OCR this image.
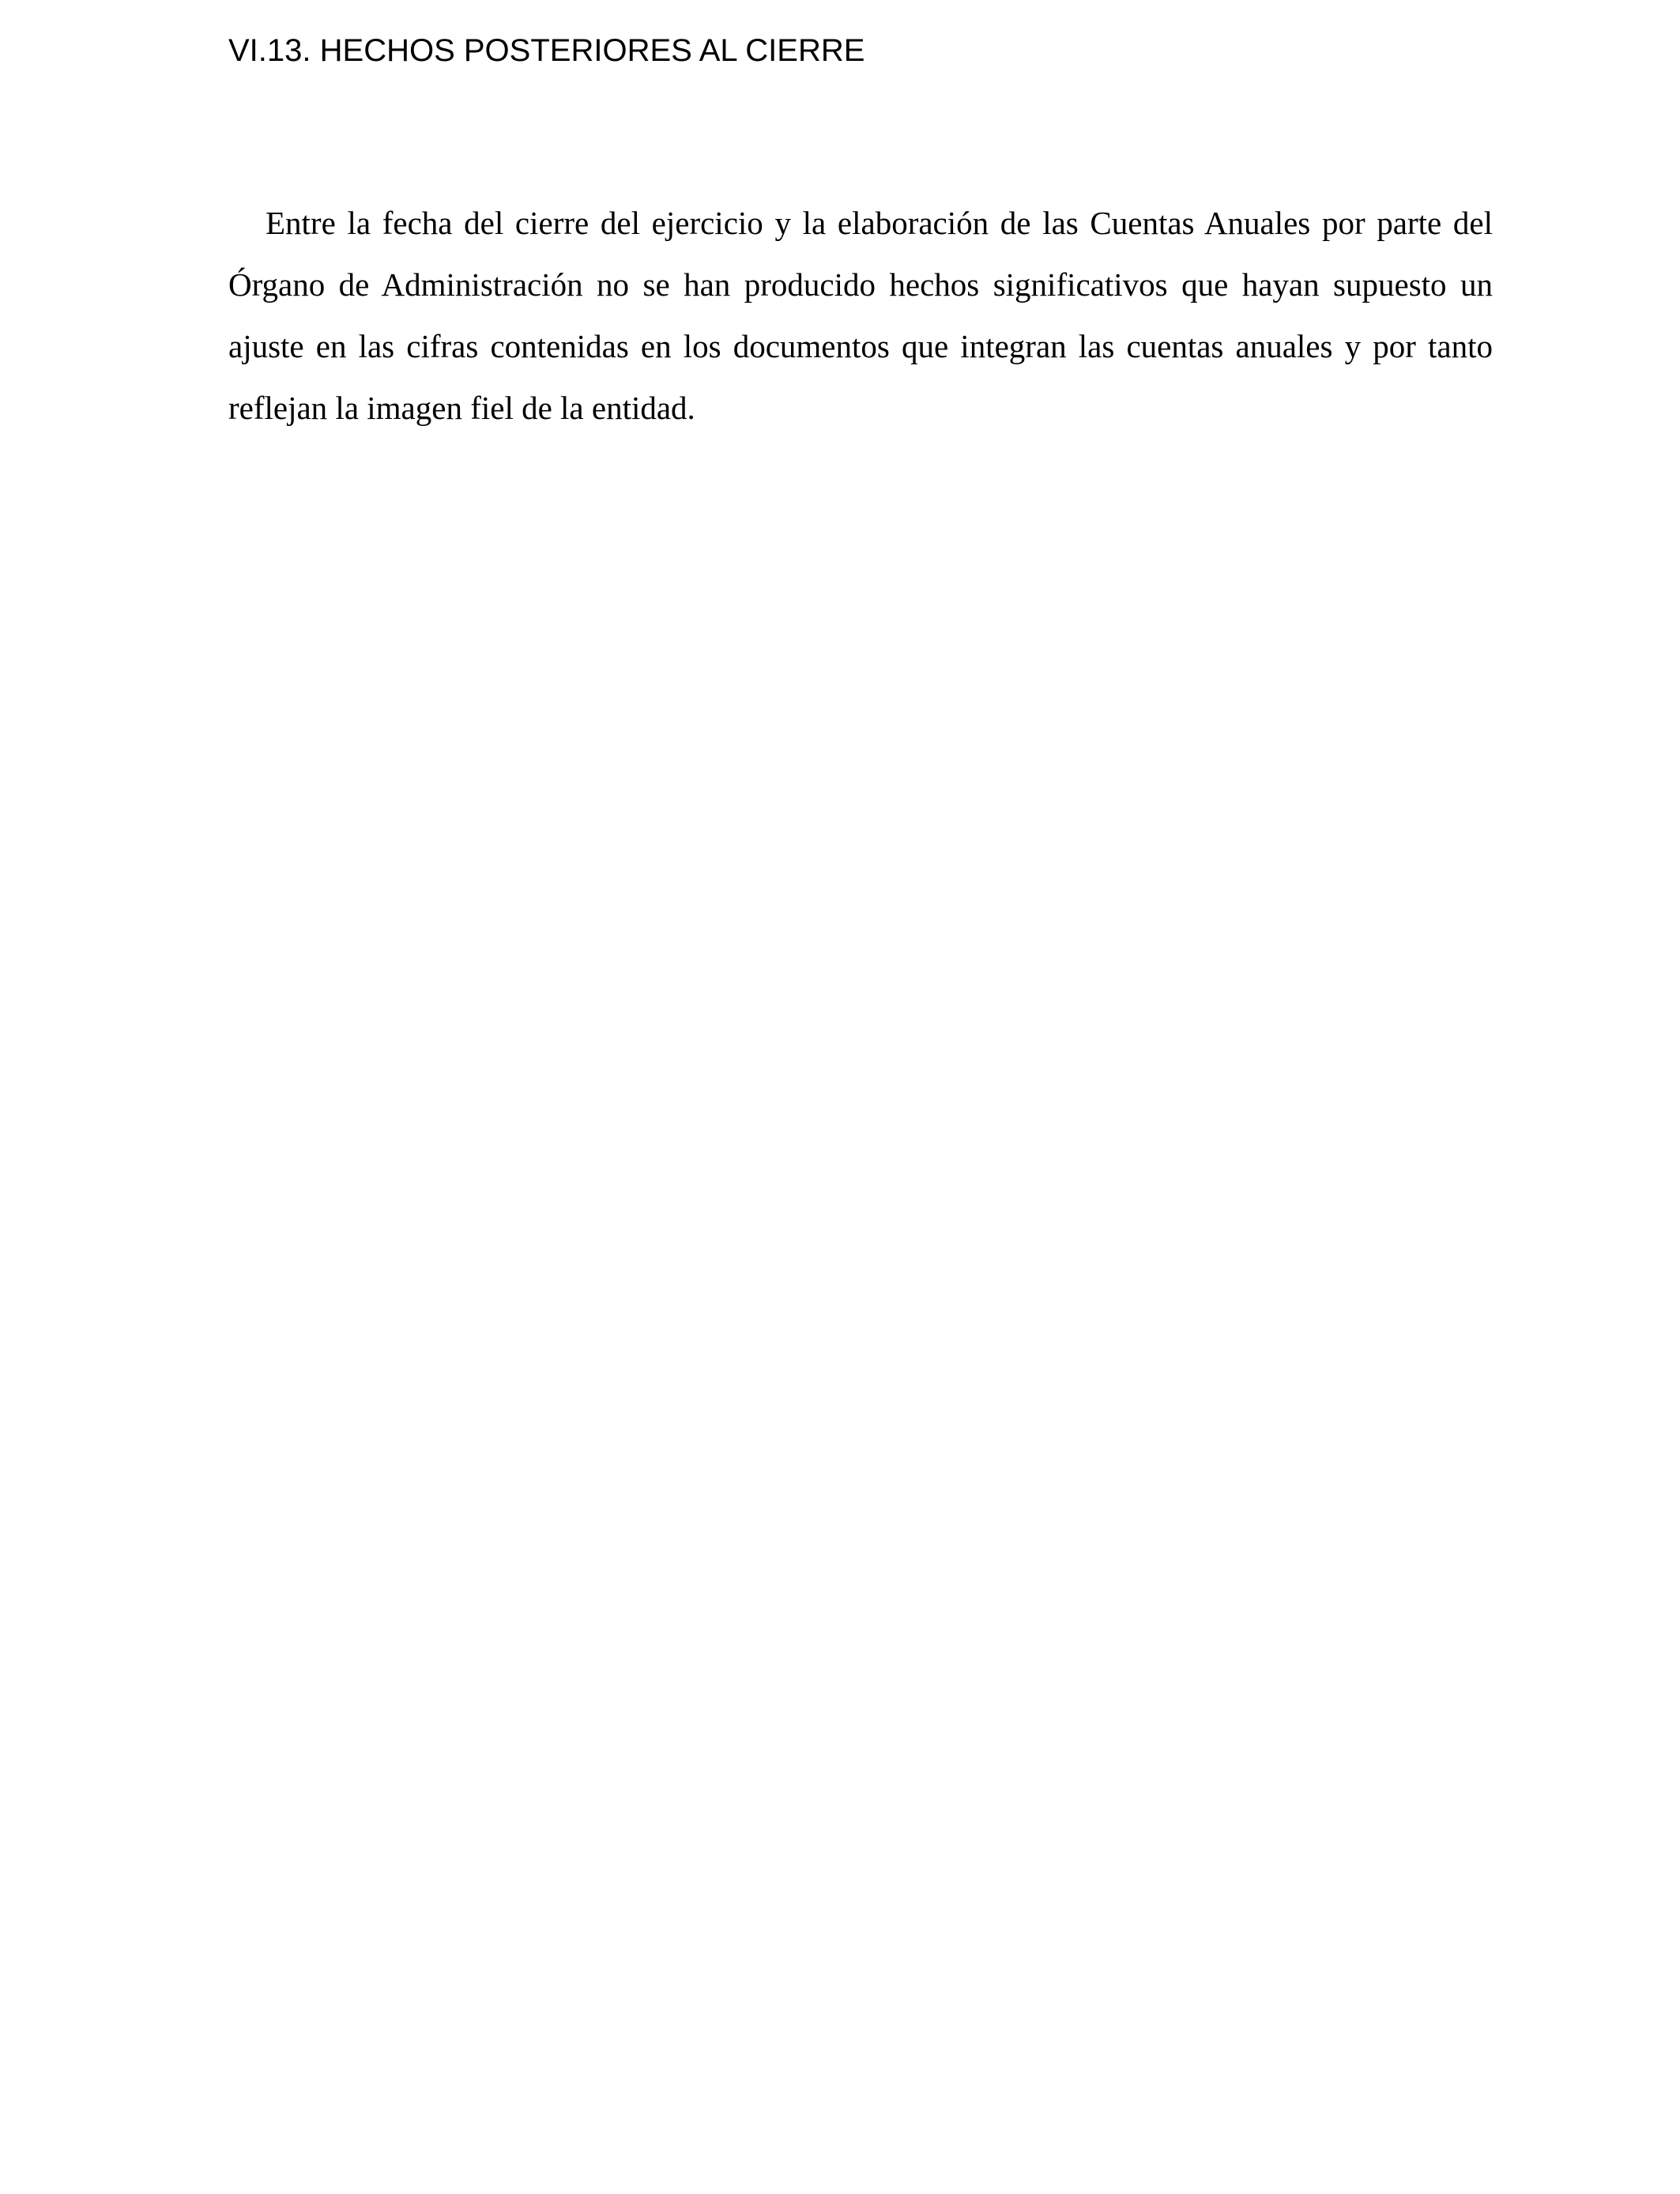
VI.13. HECHOS POSTERIORES AL CIERRE

Entre la fecha del cierre del ejercicio y la elaboración de las Cuentas Anuales por parte del Órgano de Administración no se han producido hechos significativos que hayan supuesto un ajuste en las cifras contenidas en los documentos que integran las cuentas anuales y por tanto reflejan la imagen fiel de la entidad.
